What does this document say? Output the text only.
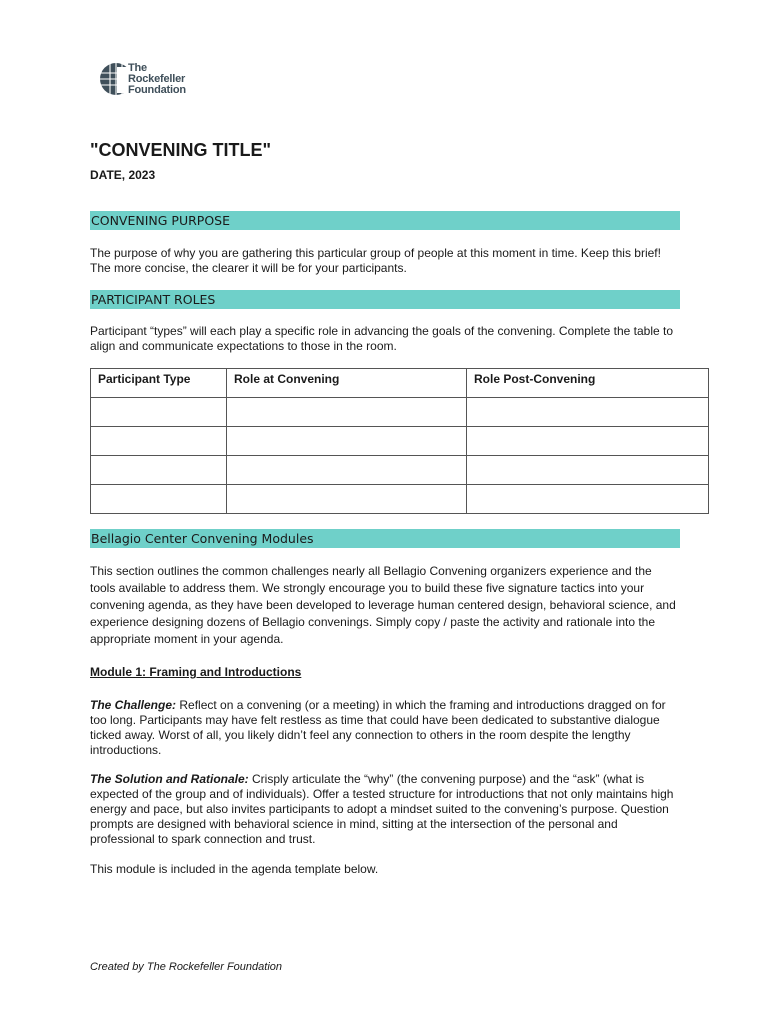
The
Rockefeller
Foundation
"CONVENING TITLE"
DATE, 2023
CONVENING PURPOSE

The purpose of why you are gathering this particular group of people at this moment in time. Keep this brief! The more concise, the clearer it will be for your participants.

PARTICIPANT ROLES

Participant “types” will each play a specific role in advancing the goals of the convening. Complete the table to align and communicate expectations to those in the room.

Participant Type	Role at Convening	Role Post-Convening

Bellagio Center Convening Modules

This section outlines the common challenges nearly all Bellagio Convening organizers experience and the tools available to address them. We strongly encourage you to build these five signature tactics into your convening agenda, as they have been developed to leverage human centered design, behavioral science, and experience designing dozens of Bellagio convenings. Simply copy / paste the activity and rationale into the appropriate moment in your agenda.

Module 1: Framing and Introductions

The Challenge: Reflect on a convening (or a meeting) in which the framing and introductions dragged on for too long. Participants may have felt restless as time that could have been dedicated to substantive dialogue ticked away. Worst of all, you likely didn’t feel any connection to others in the room despite the lengthy introductions.

The Solution and Rationale: Crisply articulate the “why” (the convening purpose) and the “ask” (what is expected of the group and of individuals). Offer a tested structure for introductions that not only maintains high energy and pace, but also invites participants to adopt a mindset suited to the convening’s purpose. Question prompts are designed with behavioral science in mind, sitting at the intersection of the personal and professional to spark connection and trust.

This module is included in the agenda template below.

Created by The Rockefeller Foundation
